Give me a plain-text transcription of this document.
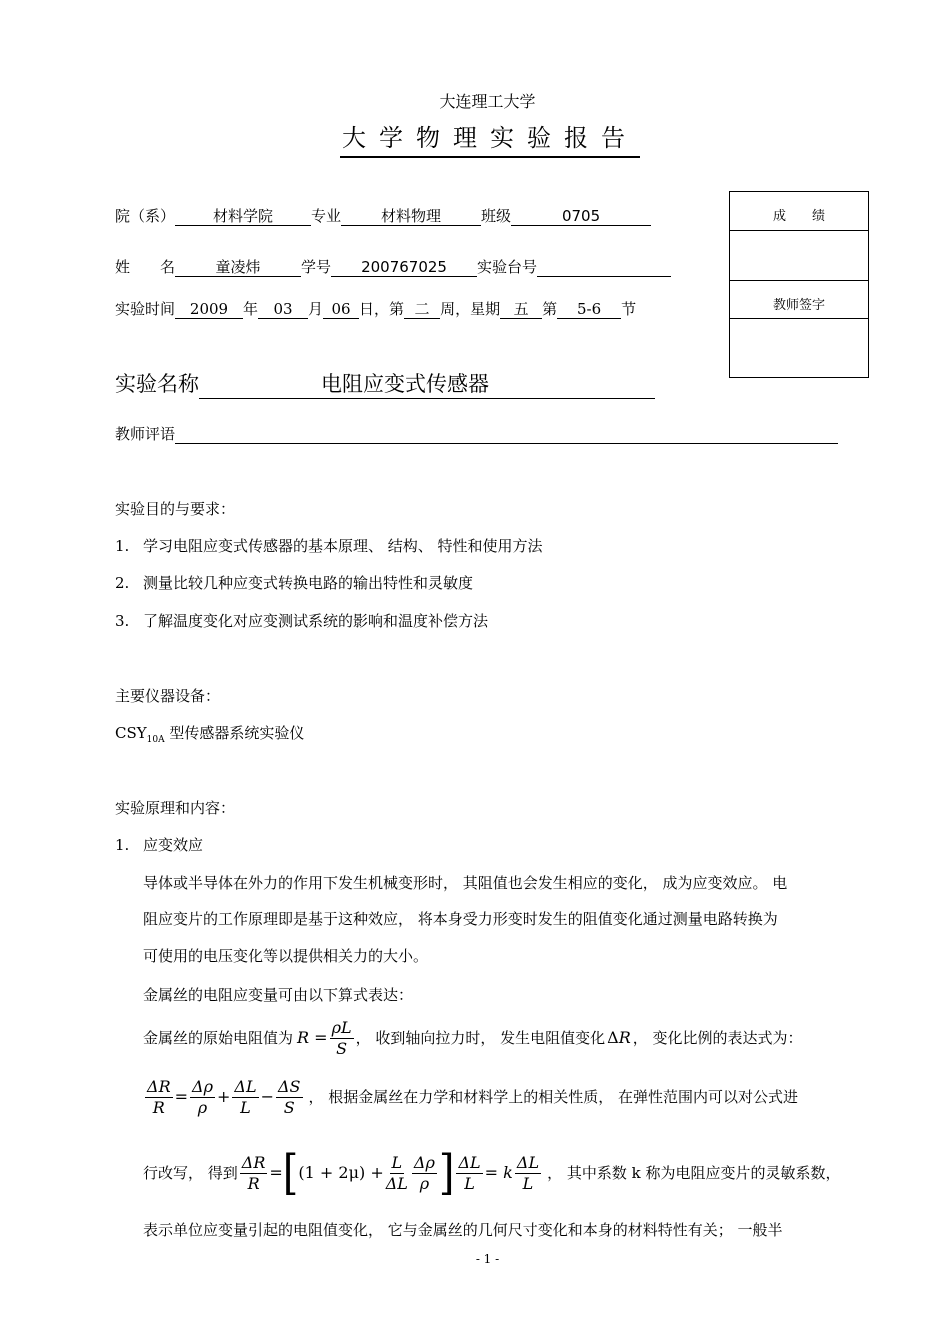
大连理工大学
大学物理实验报告
院（系）	材料学院	专业	材料物理	班级	0705
姓　　名	童凌炜	学号 200767025 实验台号
实验时间 2009 年 03 月 06 日，第 二 周，星期 五 第 5-6 节
成　　绩
教师签字
实验名称	电阻应变式传感器
教师评语
实验目的与要求：
1. 学习电阻应变式传感器的基本原理、 结构、 特性和使用方法
2. 测量比较几种应变式转换电路的输出特性和灵敏度
3. 了解温度变化对应变测试系统的影响和温度补偿方法
主要仪器设备：
$CSY_{10A}$ 型传感器系统实验仪
实验原理和内容：
1. 应变效应
导体或半导体在外力的作用下发生机械变形时， 其阻值也会发生相应的变化， 成为应变效应。 电
阻应变片的工作原理即是基于这种效应， 将本身受力形变时发生的阻值变化通过测量电路转换为
可使用的电压变化等以提供相关力的大小。
金属丝的电阻应变量可由以下算式表达：
金属丝的原始电阻值为 $R = \frac{\rho L}{S}$ ， 收到轴向拉力时， 发生电阻值变化 ΔR ， 变化比例的表达式为：
$\frac{\Delta R}{R} = \frac{\Delta\rho}{\rho} + \frac{\Delta L}{L} - \frac{\Delta S}{S}$ ， 根据金属丝在力学和材料学上的相关性质， 在弹性范围内可以对公式进
行改写， 得到 $\frac{\Delta R}{R}$ = [ $(1 + 2\mu) + \frac{L}{\Delta L} \frac{\Delta\rho}{\rho}$ ] $\frac{\Delta L}{L} = k \frac{\Delta L}{L}$ ， 其中系数 k 称为电阻应变片的灵敏系数，
表示单位应变量引起的电阻值变化， 它与金属丝的几何尺寸变化和本身的材料特性有关； 一般半
- 1 -
